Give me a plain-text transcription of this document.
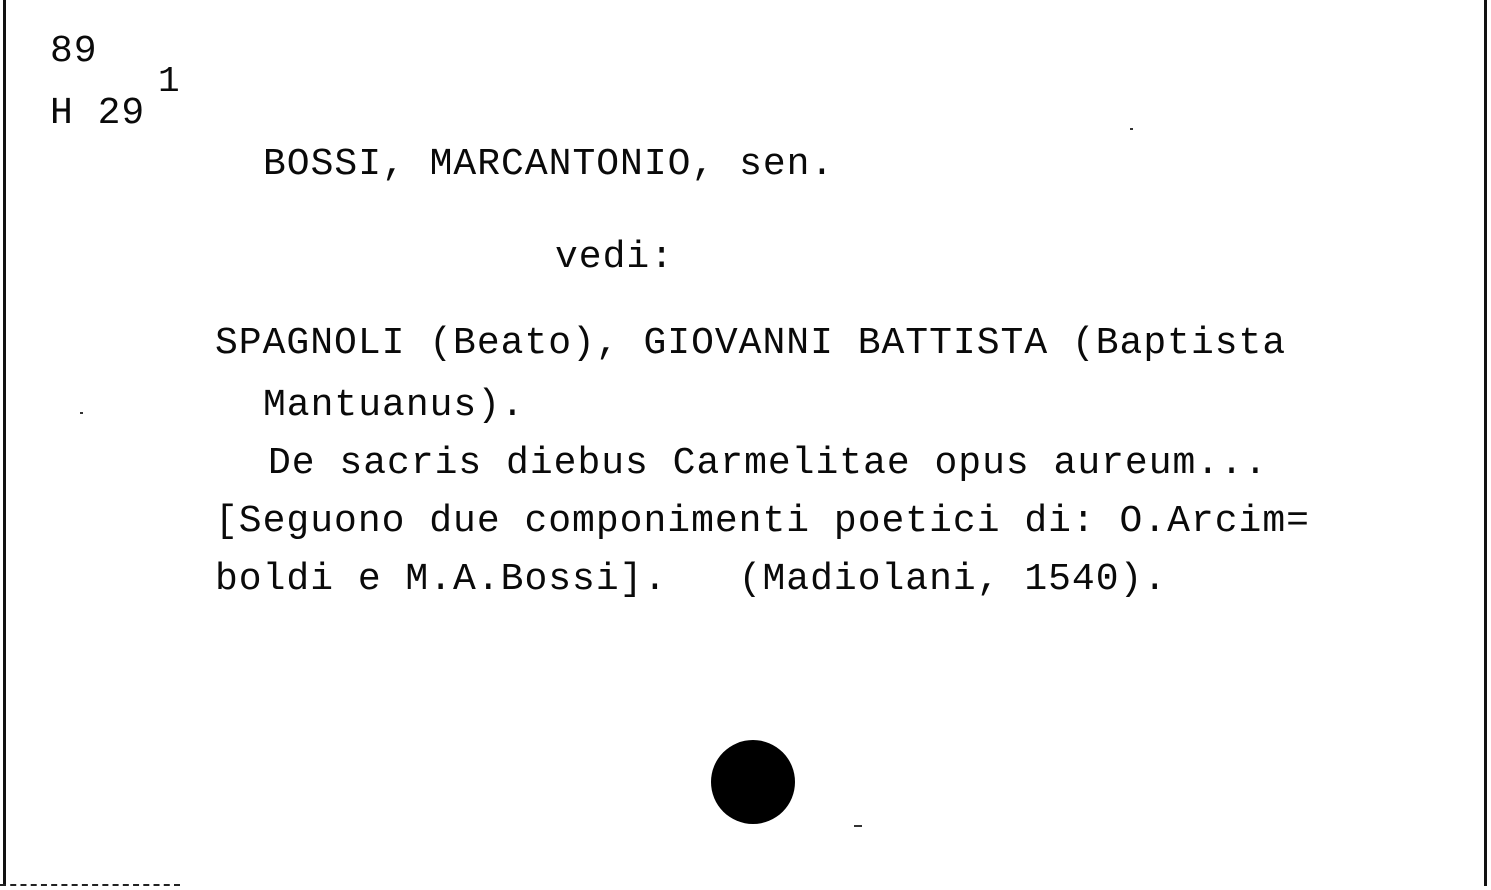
89
H 29
1
BOSSI, MARCANTONIO, sen.
vedi:
SPAGNOLI (Beato), GIOVANNI BATTISTA (Baptista
Mantuanus).
De sacris diebus Carmelitae opus aureum...
[Seguono due componimenti poetici di: O.Arcim=
boldi e M.A.Bossi].   (Madiolani, 1540).
